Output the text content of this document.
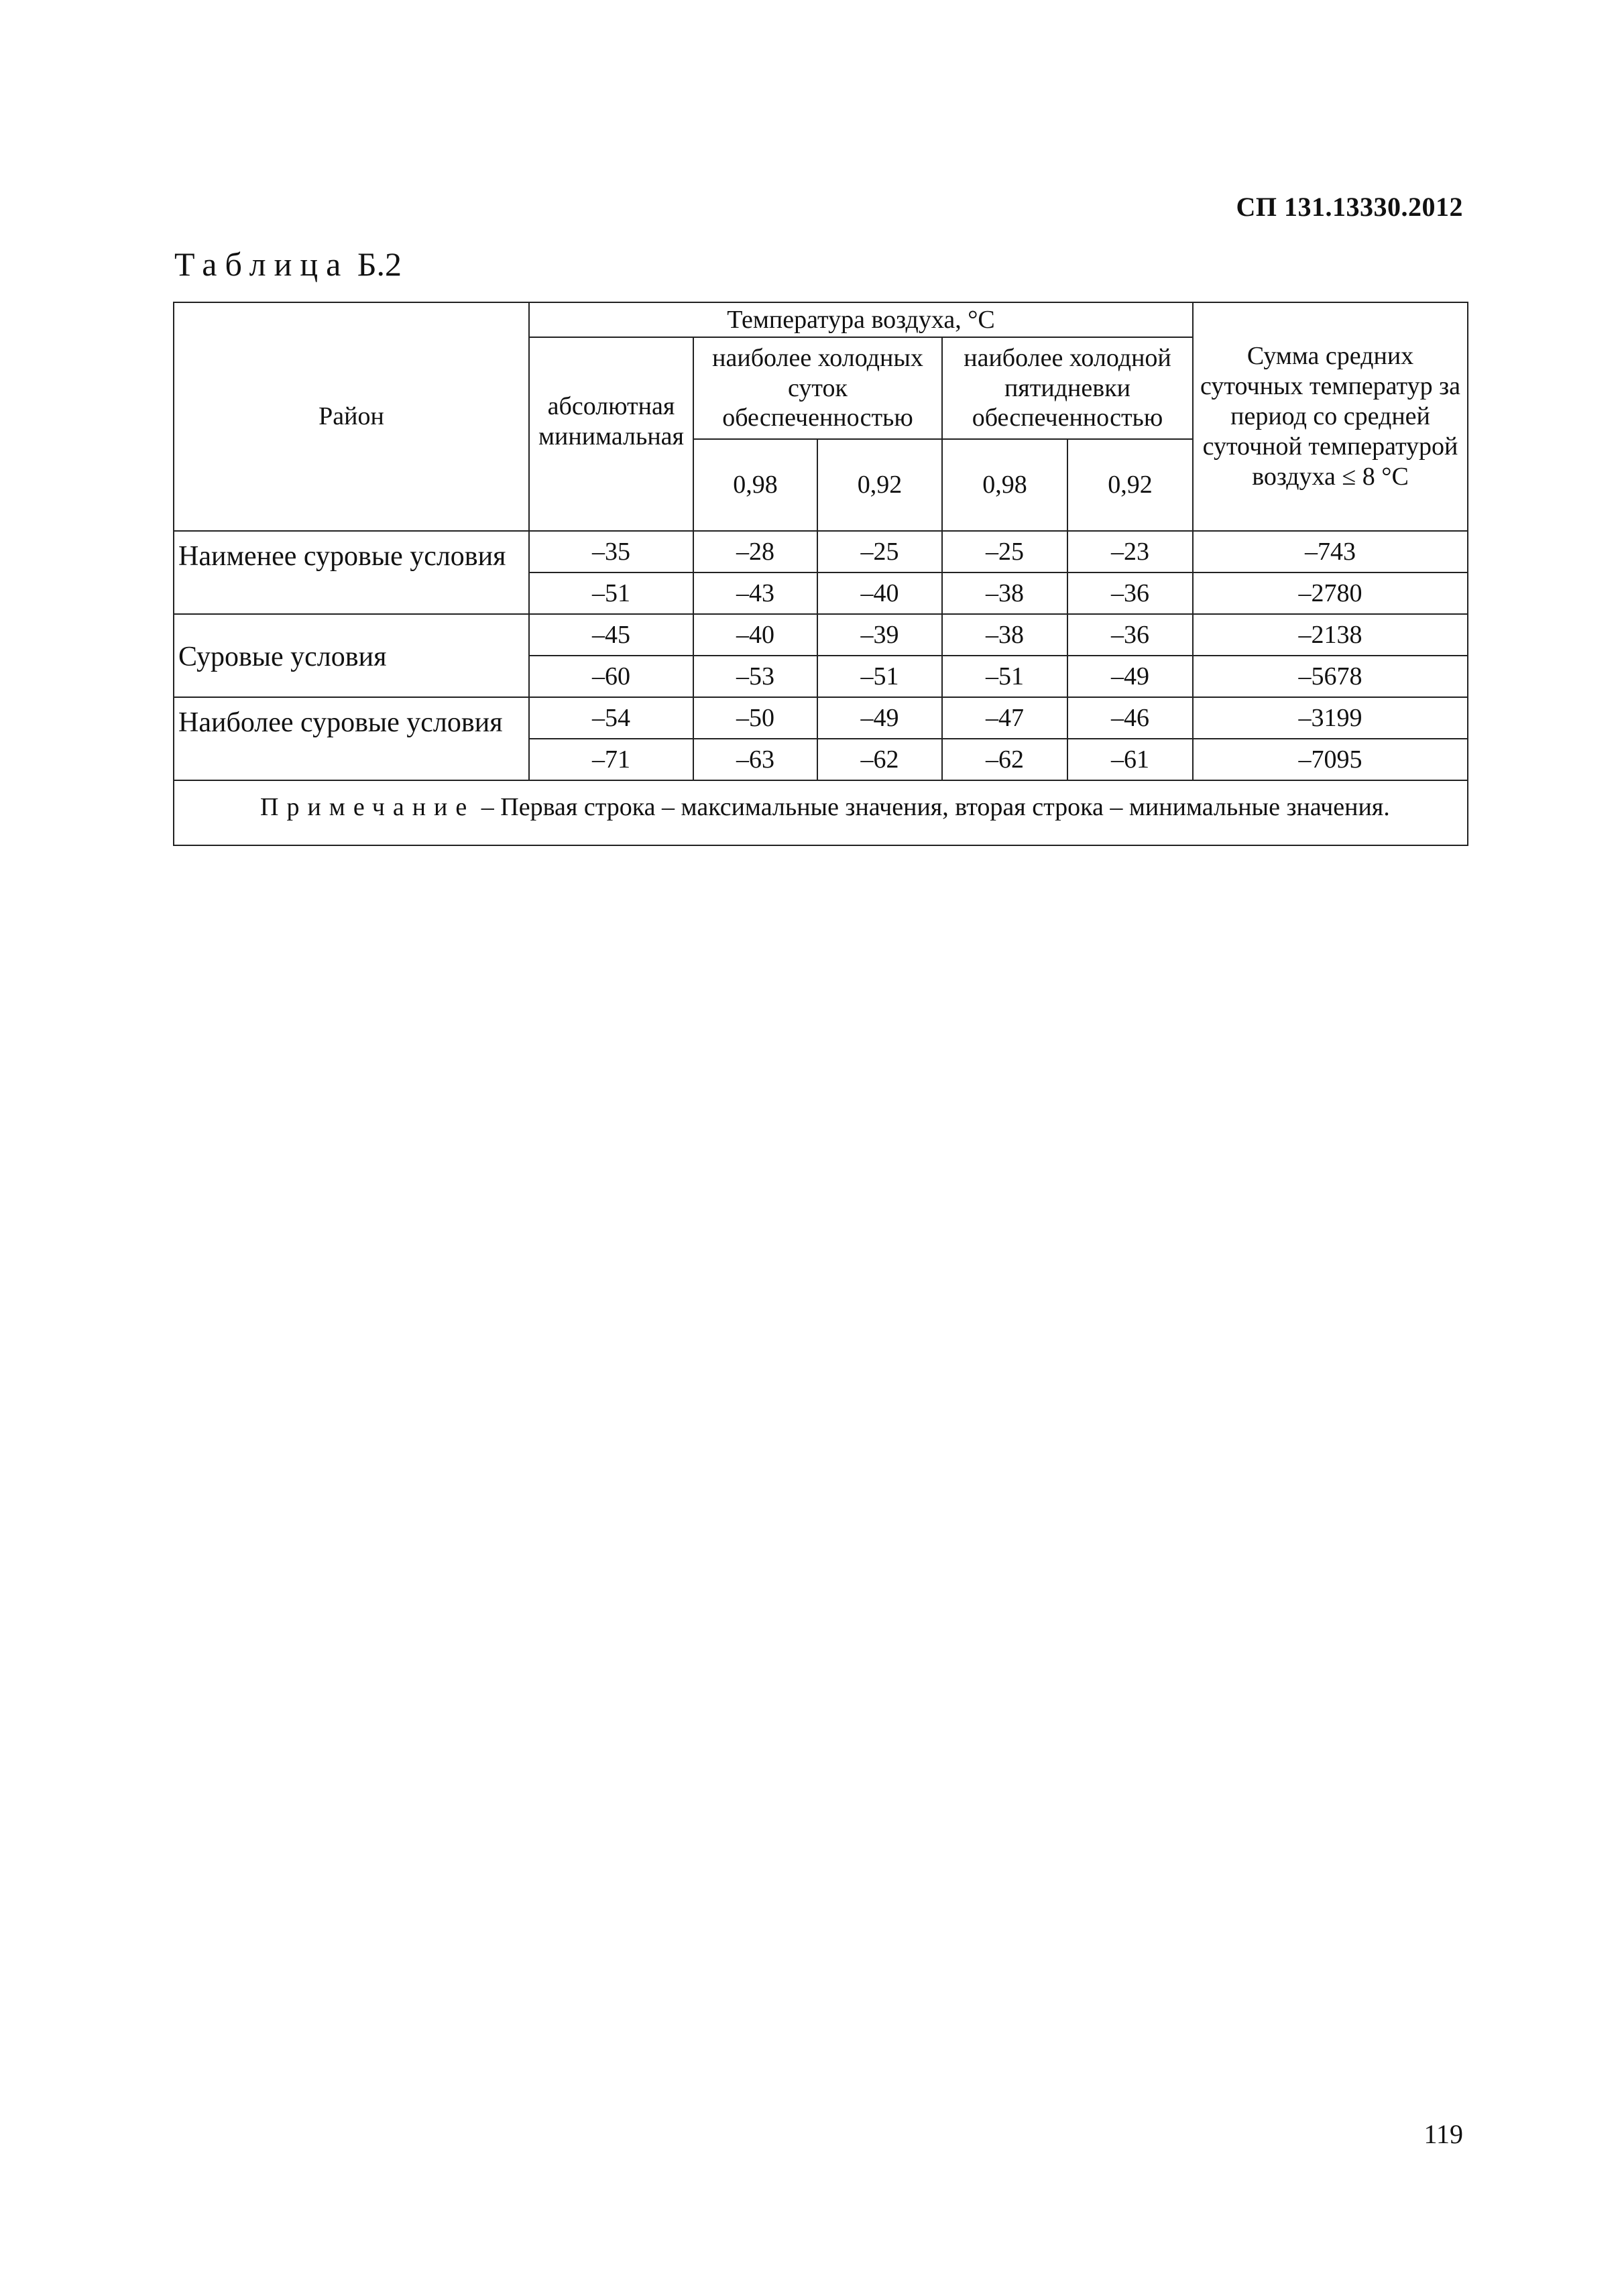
СП 131.13330.2012
Таблица Б.2
Район	Температура воздуха, °С					Сумма средних суточных температур за период со средней суточной температурой воздуха ≤ 8 °С
	абсолютная минимальная	наиболее холодных суток обеспеченностью		наиболее холодной пятидневки обеспеченностью		
		0,98	0,92	0,98	0,92	
Наименее суровые условия	–35	–28	–25	–25	–23	–743
	–51	–43	–40	–38	–36	–2780
Суровые условия	–45	–40	–39	–38	–36	–2138
	–60	–53	–51	–51	–49	–5678
Наиболее суровые условия	–54	–50	–49	–47	–46	–3199
	–71	–63	–62	–62	–61	–7095
Примечание – Первая строка – максимальные значения, вторая строка – минимальные значения.						
119
